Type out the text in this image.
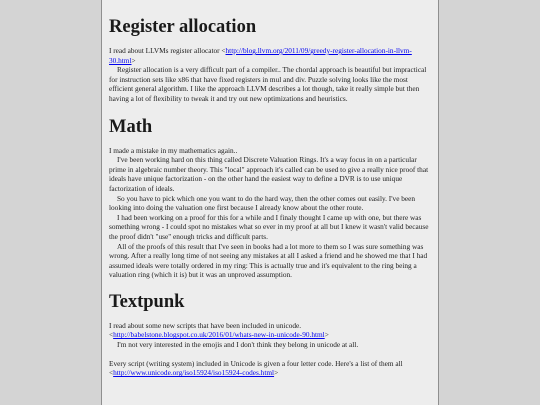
Register allocation

I read about LLVMs register allocator <http://blog.llvm.org/2011/09/greedy-register-allocation-in-llvm-30.html>

Register allocation is a very difficult part of a compiler.. The chordal approach is beautiful but impractical for instruction sets like x86 that have fixed registers in mul and div. Puzzle solving looks like the most efficient general algorithm. I like the approach LLVM describes a lot though, take it really simple but then having a lot of flexibility to tweak it and try out new optimizations and heuristics.

Math

I made a mistake in my mathematics again..

I've been working hard on this thing called Discrete Valuation Rings. It's a way focus in on a particular prime in algebraic number theory. This "local" approach it's called can be used to give a really nice proof that ideals have unique factorization - on the other hand the easiest way to define a DVR is to use unique factorization of ideals.

So you have to pick which one you want to do the hard way, then the other comes out easily. I've been looking into doing the valuation one first because I already know about the other route.

I had been working on a proof for this for a while and I finaly thought I came up with one, but there was something wrong - I could spot no mistakes what so ever in my proof at all but I knew it wasn't valid because the proof didn't "use" enough tricks and difficult parts.

All of the proofs of this result that I've seen in books had a lot more to them so I was sure something was wrong. After a really long time of not seeing any mistakes at all I asked a friend and he showed me that I had assumed ideals were totally ordered in my ring: This is actually true and it's equivalent to the ring being a valuation ring (which it is) but it was an unproved assumption.

Textpunk

I read about some new scripts that have been included in unicode.
<http://babelstone.blogspot.co.uk/2016/01/whats-new-in-unicode-90.html>

I'm not very interested in the emojis and I don't think they belong in unicode at all.

Every script (writing system) included in Unicode is given a four letter code. Here's a list of them all <http://www.unicode.org/iso15924/iso15924-codes.html>
